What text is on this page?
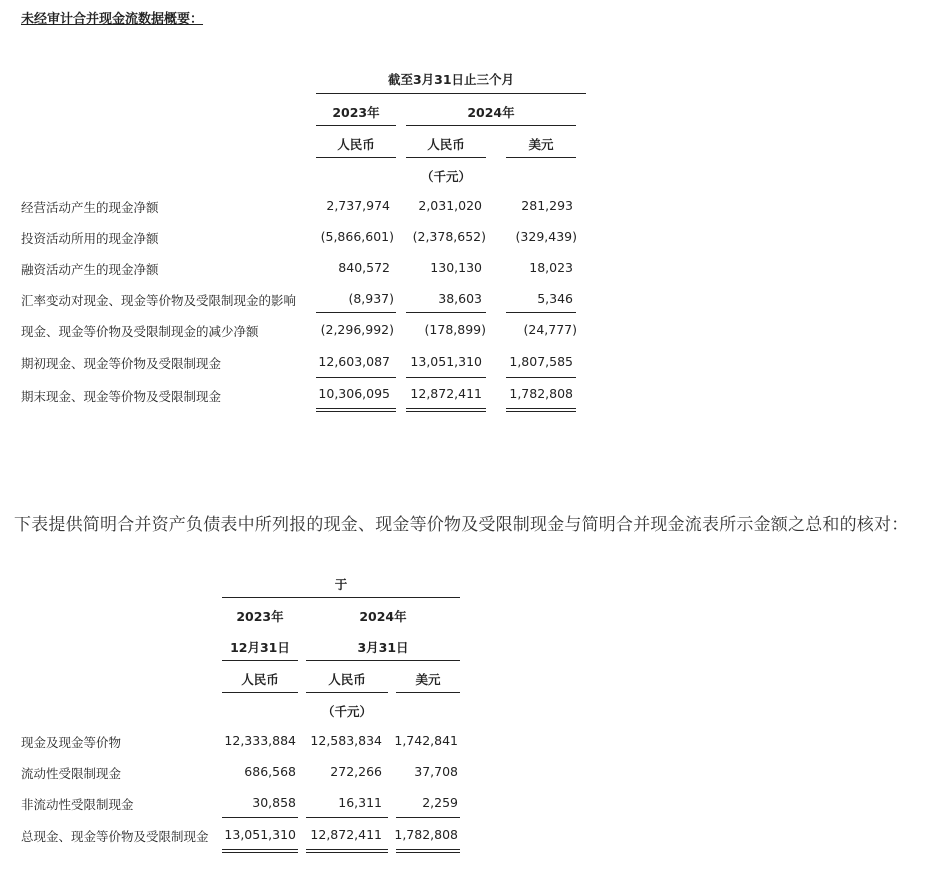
未经审计合并现金流数据概要：
截至3月31日止三个月
2023年	2024年
人民币	人民币	美元
（千元）
经营活动产生的现金净额	2,737,974	2,031,020	281,293
投资活动所用的现金净额	(5,866,601)	(2,378,652)	(329,439)
融资活动产生的现金净额	840,572	130,130	18,023
汇率变动对现金、现金等价物及受限制现金的影响	(8,937)	38,603	5,346
现金、现金等价物及受限制现金的减少净额	(2,296,992)	(178,899)	(24,777)
期初现金、现金等价物及受限制现金	12,603,087	13,051,310	1,807,585
期末现金、现金等价物及受限制现金	10,306,095	12,872,411	1,782,808
下表提供简明合并资产负债表中所列报的现金、现金等价物及受限制现金与简明合并现金流表所示金额之总和的核对：
于
2023年	2024年
12月31日	3月31日
人民币	人民币	美元
（千元）
现金及现金等价物	12,333,884	12,583,834 1,742,841
流动性受限制现金	686,568	272,266	37,708
非流动性受限制现金	30,858	16,311	2,259
总现金、现金等价物及受限制现金	13,051,310	12,872,411 1,782,808
